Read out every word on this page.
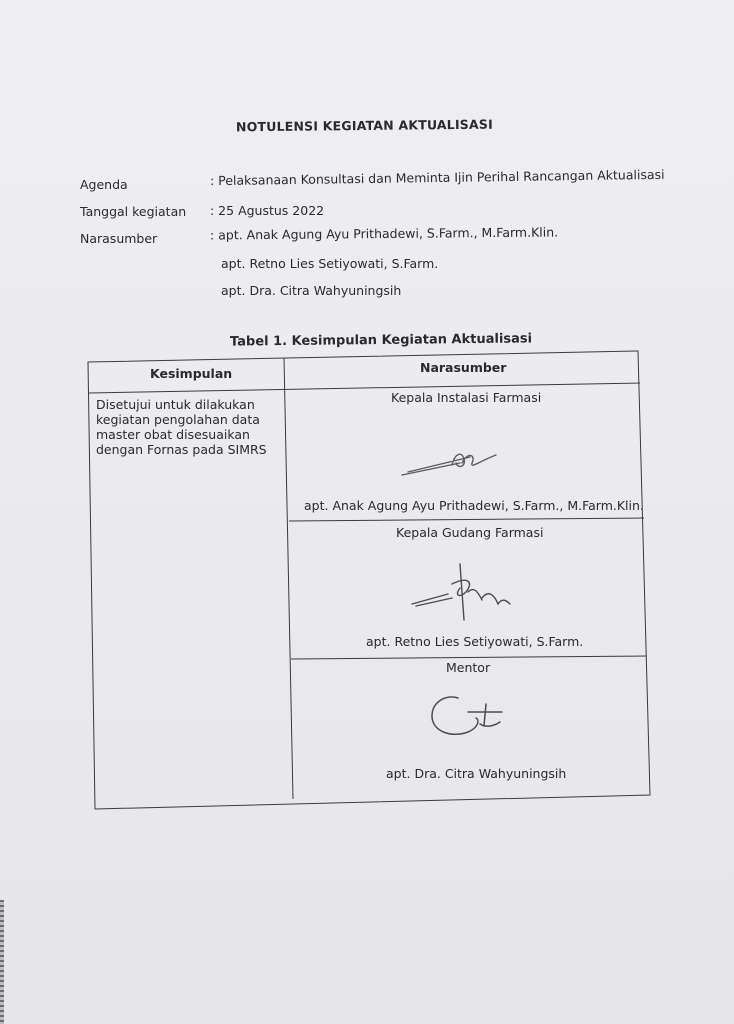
NOTULENSI KEGIATAN AKTUALISASI
Agenda	: Pelaksanaan Konsultasi dan Meminta Ijin Perihal Rancangan Aktualisasi
Tanggal kegiatan : 25 Agustus 2022
Narasumber	: apt. Anak Agung Ayu Prithadewi, S.Farm., M.Farm.Klin.
apt. Retno Lies Setiyowati, S.Farm.
apt. Dra. Citra Wahyuningsih
Tabel 1. Kesimpulan Kegiatan Aktualisasi
Kesimpulan	Narasumber
Disetujui untuk dilakukan kegiatan pengolahan data master obat disesuaikan dengan Fornas pada SIMRS
Kepala Instalasi Farmasi
apt. Anak Agung Ayu Prithadewi, S.Farm., M.Farm.Klin.
Kepala Gudang Farmasi
apt. Retno Lies Setiyowati, S.Farm.
Mentor
apt. Dra. Citra Wahyuningsih
